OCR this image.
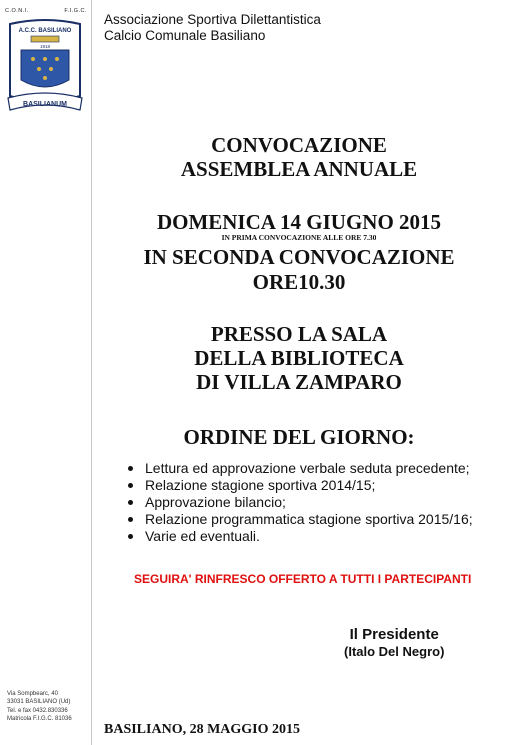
C.O.N.I.	F.I.G.C.
A.C.C. BASILIANO
1918
BASILIANUM
Via Sompbearc, 40
33031 BASILIANO (Ud)
Tel. e fax 0432.830336
Matricola F.I.G.C. 81036
Associazione Sportiva Dilettantistica
Calcio Comunale Basiliano
CONVOCAZIONE
ASSEMBLEA ANNUALE
DOMENICA 14 GIUGNO 2015
IN PRIMA CONVOCAZIONE ALLE ORE 7.30
IN SECONDA CONVOCAZIONE
ORE10.30
PRESSO LA SALA
DELLA BIBLIOTECA
DI VILLA ZAMPARO
ORDINE DEL GIORNO:
Lettura ed approvazione verbale seduta precedente;
Relazione stagione sportiva 2014/15;
Approvazione bilancio;
Relazione programmatica stagione sportiva 2015/16;
Varie ed eventuali.
SEGUIRA' RINFRESCO OFFERTO A TUTTI I PARTECIPANTI
Il Presidente
(Italo Del Negro)
BASILIANO, 28 MAGGIO 2015
